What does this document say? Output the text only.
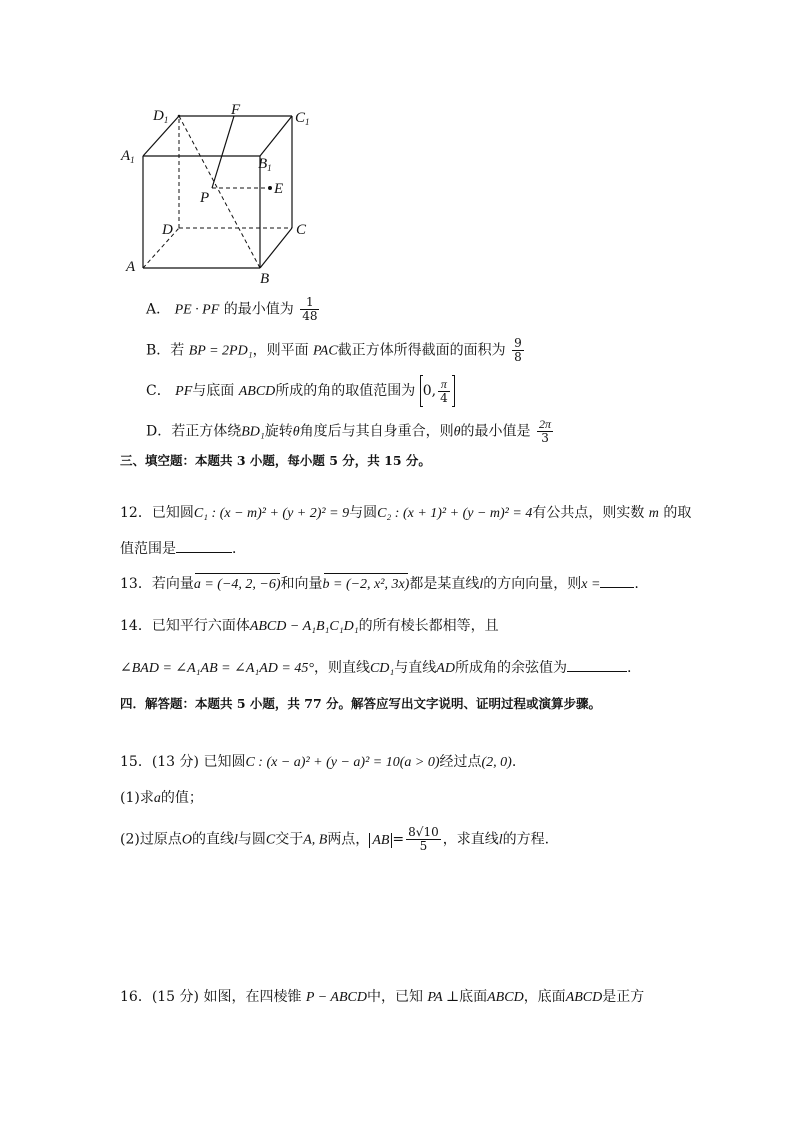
$D_1$
F	$C_1$
$A_1$	$B_1$
P
E
D	C
A
B
A． PE · PF 的最小值为 $\frac{1}{48}$
B．若 BP = 2PD₁，则平面 PAC截正方体所得截面的面积为 $\frac{9}{8}$
C． PF与底面 ABCD所成的角的取值范围为 0, $\frac{\pi}{4}$
D．若正方体绕BD₁旋转θ角度后与其自身重合，则θ的最小值是 $\frac{2\pi}{3}$
三、填空题：本题共 3 小题，每小题 5 分，共 15 分。
12．已知圆C₁ : (x − m)² + (y + 2)² = 9与圆C₂ : (x + 1)² + (y − m)² = 4有公共点，则实数 m 的取
值范围是	．
13．若向量a = (−4, 2, −6)和向量b = (−2, x², 3x)都是某直线l的方向向量，则x = .
14．已知平行六面体ABCD − A₁B₁C₁D₁的所有棱长都相等，且
∠BAD = ∠A₁AB = ∠A₁AD = 45°，则直线CD₁与直线AD所成角的余弦值为	.
四．解答题：本题共 5 小题，共 77 分。解答应写出文字说明、证明过程或演算步骤。
15．(13 分) 已知圆C : (x − a)² + (y − a)² = 10(a > 0)经过点(2, 0).
(1)求a的值；
(2)过原点O的直线l与圆C交于A, B两点， AB = $\frac{8√10}{5}$ ，求直线l的方程.
16．(15 分) 如图，在四棱锥 P − ABCD中，已知 PA ⊥底面ABCD，底面ABCD是正方
